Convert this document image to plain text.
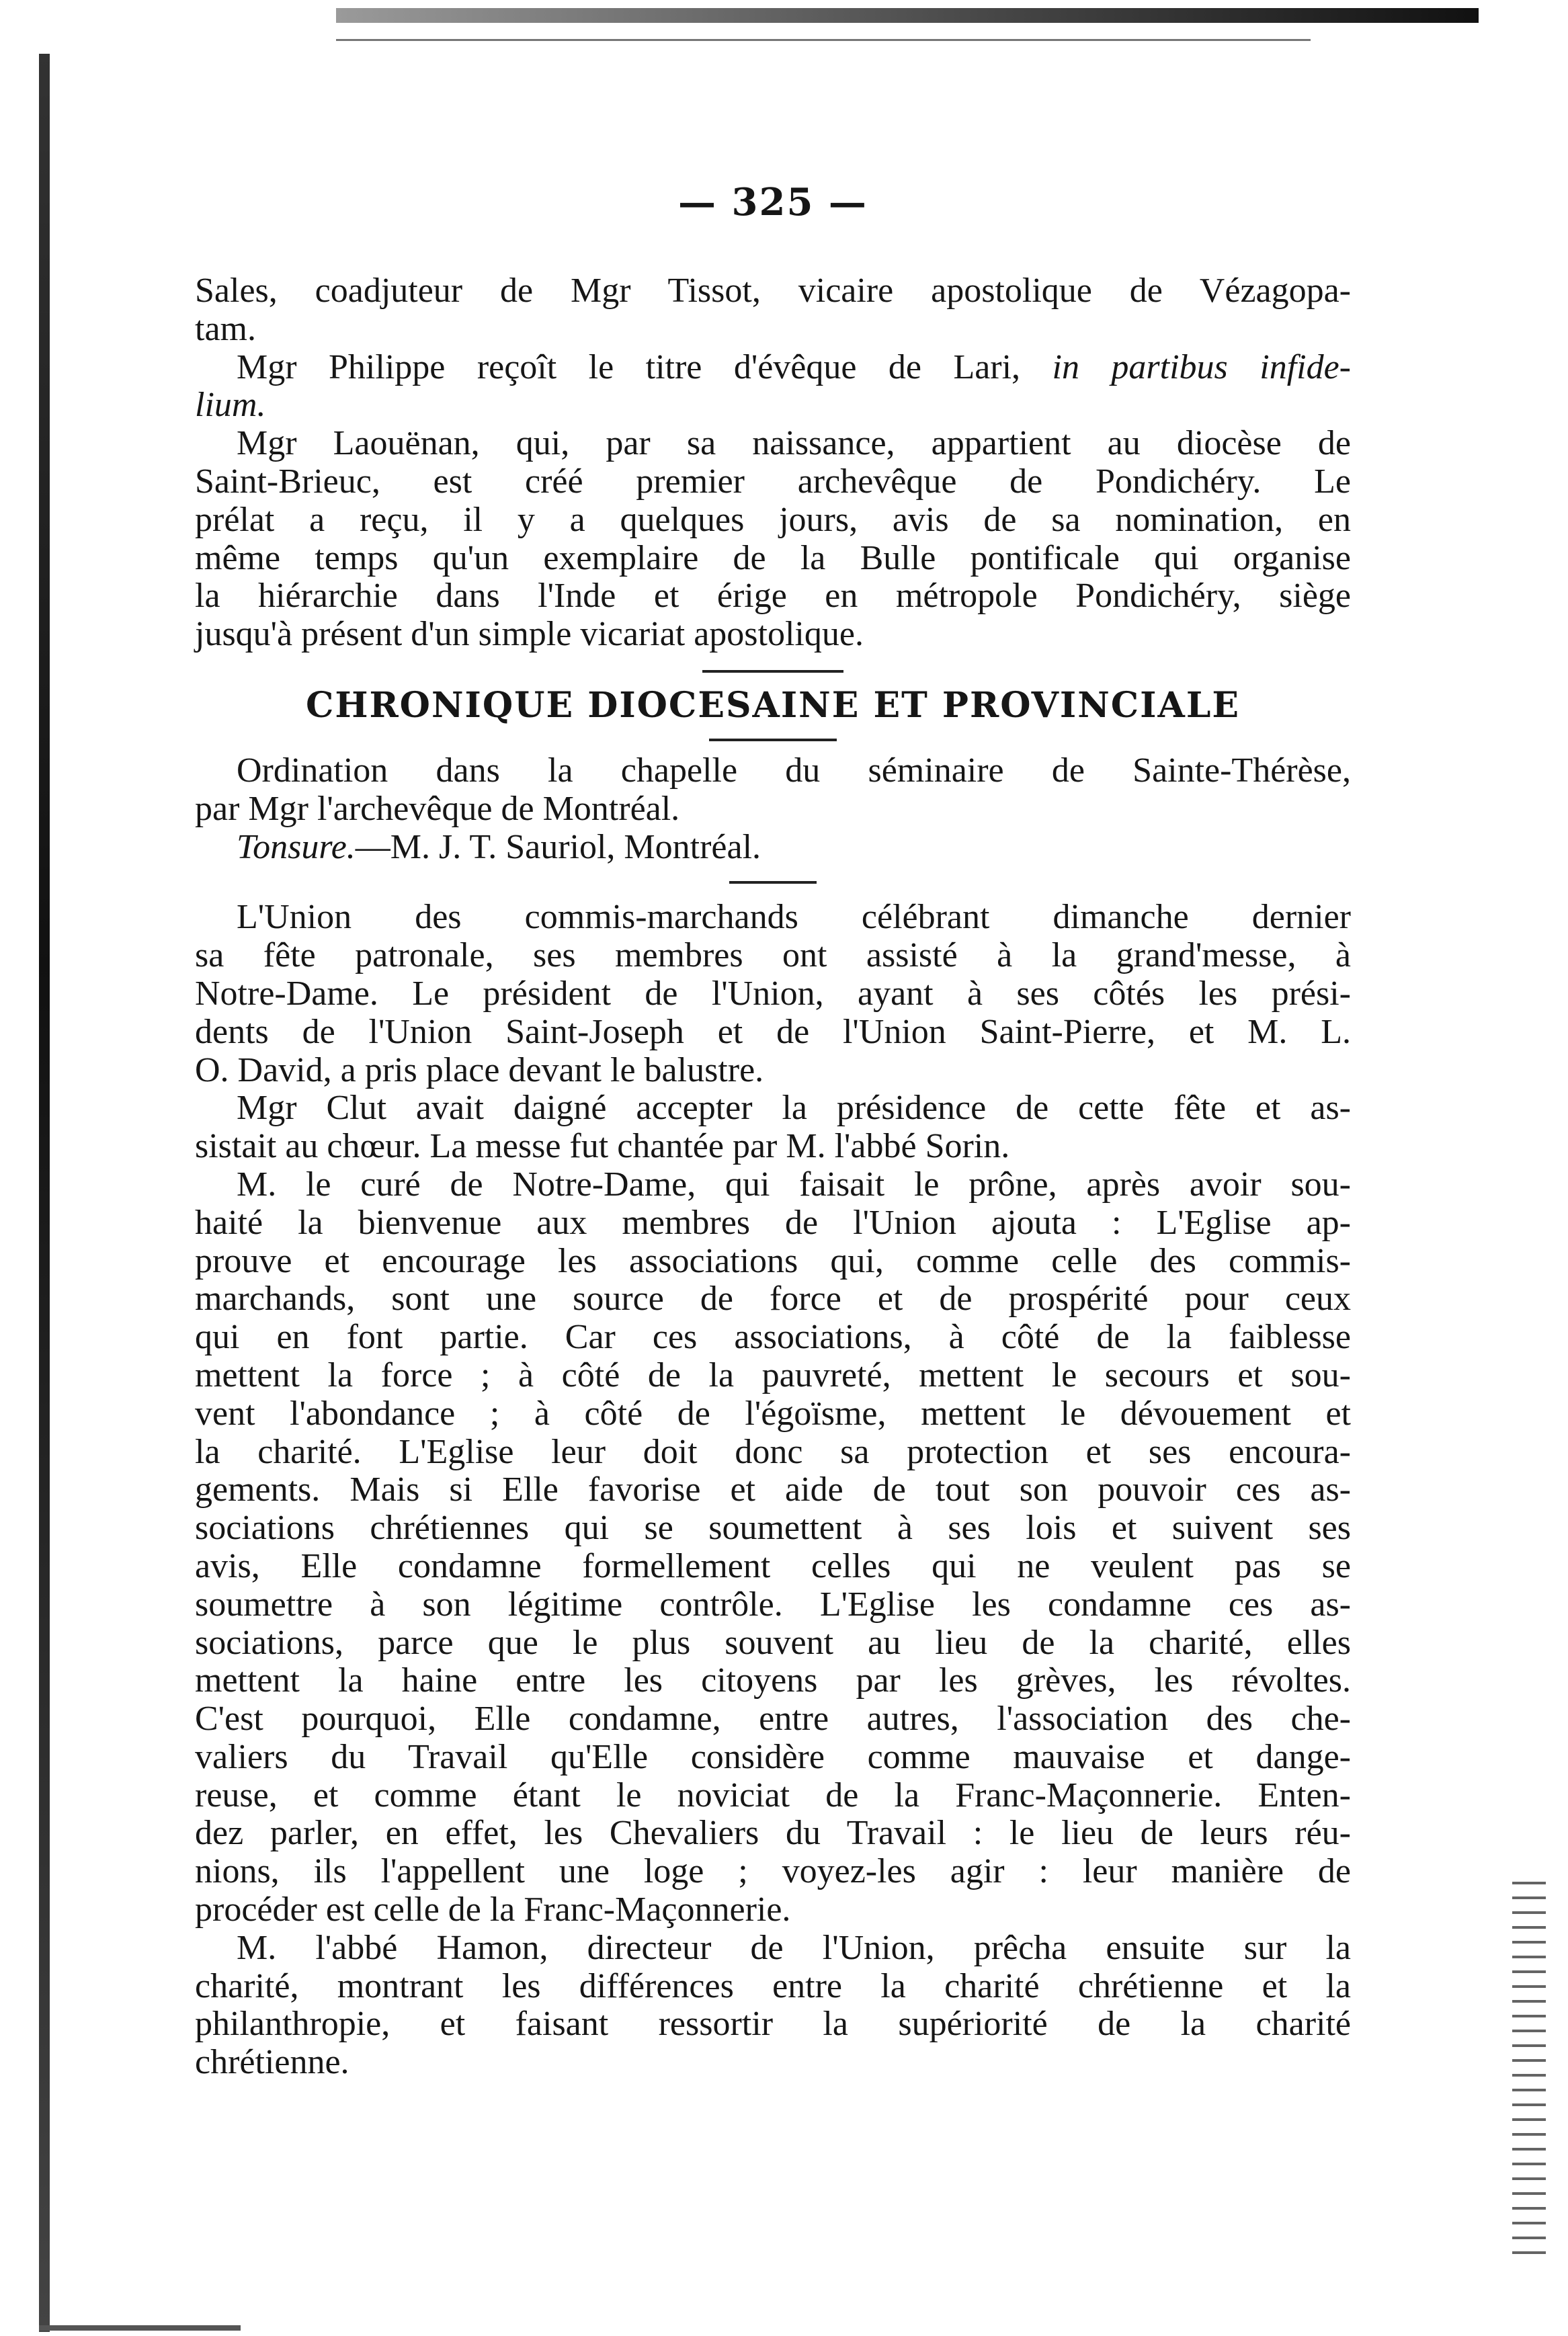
— 325 —
Sales, coadjuteur de Mgr Tissot, vicaire apostolique de Vézagopa-
tam.
Mgr Philippe reçoît le titre d'évêque de Lari, in partibus infide-
lium.
Mgr Laouënan, qui, par sa naissance, appartient au diocèse de
Saint-Brieuc, est créé premier archevêque de Pondichéry. Le
prélat a reçu, il y a quelques jours, avis de sa nomination, en
même temps qu'un exemplaire de la Bulle pontificale qui organise
la hiérarchie dans l'Inde et érige en métropole Pondichéry, siège
jusqu'à présent d'un simple vicariat apostolique.
CHRONIQUE DIOCESAINE ET PROVINCIALE
Ordination dans la chapelle du séminaire de Sainte-Thérèse,
par Mgr l'archevêque de Montréal.
Tonsure.—M. J. T. Sauriol, Montréal.
L'Union des commis-marchands célébrant dimanche dernier
sa fête patronale, ses membres ont assisté à la grand'messe, à
Notre-Dame. Le président de l'Union, ayant à ses côtés les prési-
dents de l'Union Saint-Joseph et de l'Union Saint-Pierre, et M. L.
O. David, a pris place devant le balustre.
Mgr Clut avait daigné accepter la présidence de cette fête et as-
sistait au chœur. La messe fut chantée par M. l'abbé Sorin.
M. le curé de Notre-Dame, qui faisait le prône, après avoir sou-
haité la bienvenue aux membres de l'Union ajouta : L'Eglise ap-
prouve et encourage les associations qui, comme celle des commis-
marchands, sont une source de force et de prospérité pour ceux
qui en font partie. Car ces associations, à côté de la faiblesse
mettent la force ; à côté de la pauvreté, mettent le secours et sou-
vent l'abondance ; à côté de l'égoïsme, mettent le dévouement et
la charité. L'Eglise leur doit donc sa protection et ses encoura-
gements. Mais si Elle favorise et aide de tout son pouvoir ces as-
sociations chrétiennes qui se soumettent à ses lois et suivent ses
avis, Elle condamne formellement celles qui ne veulent pas se
soumettre à son légitime contrôle. L'Eglise les condamne ces as-
sociations, parce que le plus souvent au lieu de la charité, elles
mettent la haine entre les citoyens par les grèves, les révoltes.
C'est pourquoi, Elle condamne, entre autres, l'association des che-
valiers du Travail qu'Elle considère comme mauvaise et dange-
reuse, et comme étant le noviciat de la Franc-Maçonnerie. Enten-
dez parler, en effet, les Chevaliers du Travail : le lieu de leurs réu-
nions, ils l'appellent une loge ; voyez-les agir : leur manière de
procéder est celle de la Franc-Maçonnerie.
M. l'abbé Hamon, directeur de l'Union, prêcha ensuite sur la
charité, montrant les différences entre la charité chrétienne et la
philanthropie, et faisant ressortir la supériorité de la charité
chrétienne.
